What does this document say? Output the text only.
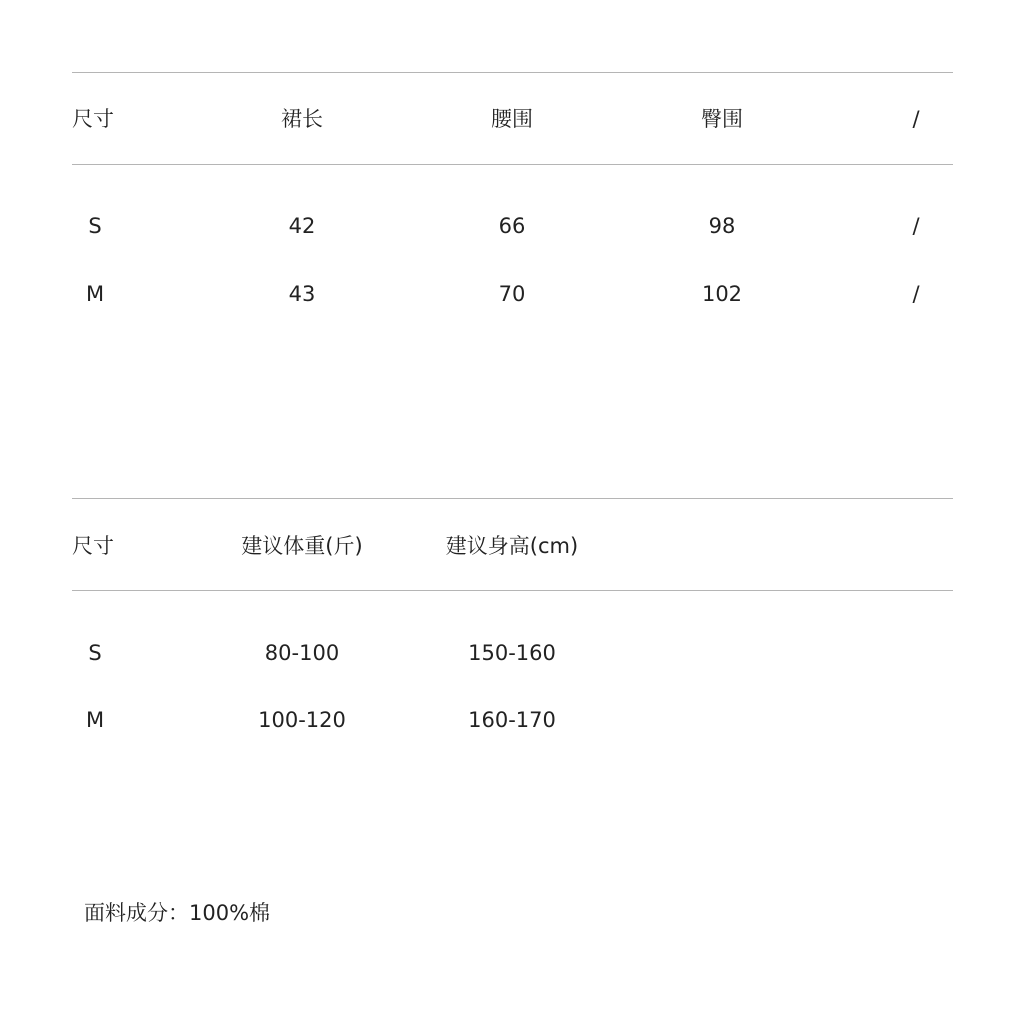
尺寸	裙长	腰围	臀围	/
S	42	66	98	/
M	43	70	102	/
尺寸	建议体重(斤)	建议身高(cm)
S	80-100	150-160
M	100-120	160-170
面料成分：100%棉
